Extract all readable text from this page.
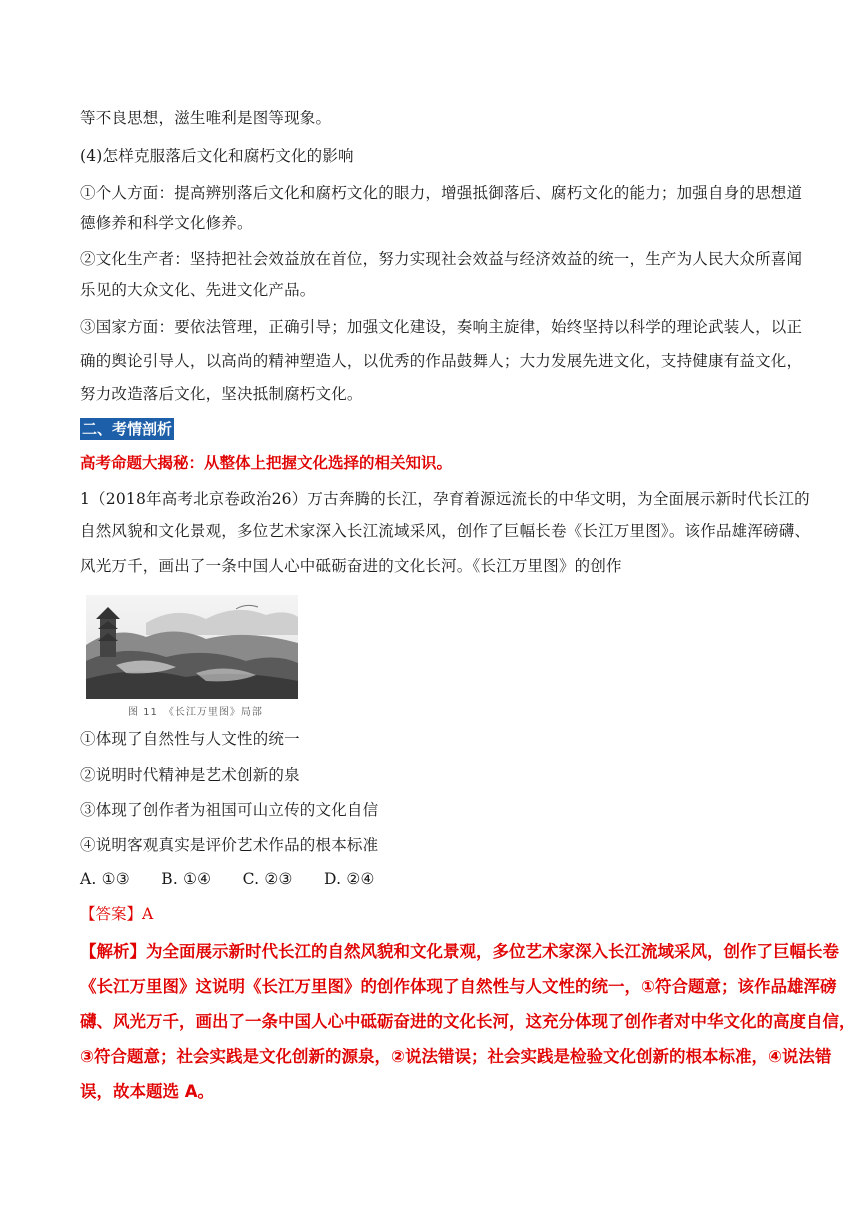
等不良思想，滋生唯利是图等现象。
(4)怎样克服落后文化和腐朽文化的影响
①个人方面：提高辨别落后文化和腐朽文化的眼力，增强抵御落后、腐朽文化的能力；加强自身的思想道
德修养和科学文化修养。
②文化生产者：坚持把社会效益放在首位，努力实现社会效益与经济效益的统一，生产为人民大众所喜闻
乐见的大众文化、先进文化产品。
③国家方面：要依法管理，正确引导；加强文化建设，奏响主旋律，始终坚持以科学的理论武装人，以正
确的舆论引导人，以高尚的精神塑造人，以优秀的作品鼓舞人；大力发展先进文化，支持健康有益文化，
努力改造落后文化，坚决抵制腐朽文化。
二、考情剖析
高考命题大揭秘：从整体上把握文化选择的相关知识。
1（2018年高考北京卷政治26）万古奔腾的长江，孕育着源远流长的中华文明，为全面展示新时代长江的
自然风貌和文化景观，多位艺术家深入长江流域采风，创作了巨幅长卷《长江万里图》。该作品雄浑磅礴、
风光万千，画出了一条中国人心中砥砺奋进的文化长河。《长江万里图》的创作
图 11　《长江万里图》局部
①体现了自然性与人文性的统一
②说明时代精神是艺术创新的泉
③体现了创作者为祖国可山立传的文化自信
④说明客观真实是评价艺术作品的根本标准
A. ①③　　B. ①④　　C. ②③　　D. ②④
【答案】A
【解析】为全面展示新时代长江的自然风貌和文化景观，多位艺术家深入长江流域采风，创作了巨幅长卷
《长江万里图》这说明《长江万里图》的创作体现了自然性与人文性的统一，①符合题意；该作品雄浑磅
礴、风光万千，画出了一条中国人心中砥砺奋进的文化长河，这充分体现了创作者对中华文化的高度自信，
③符合题意；社会实践是文化创新的源泉，②说法错误；社会实践是检验文化创新的根本标准，④说法错
误，故本题选 A。
